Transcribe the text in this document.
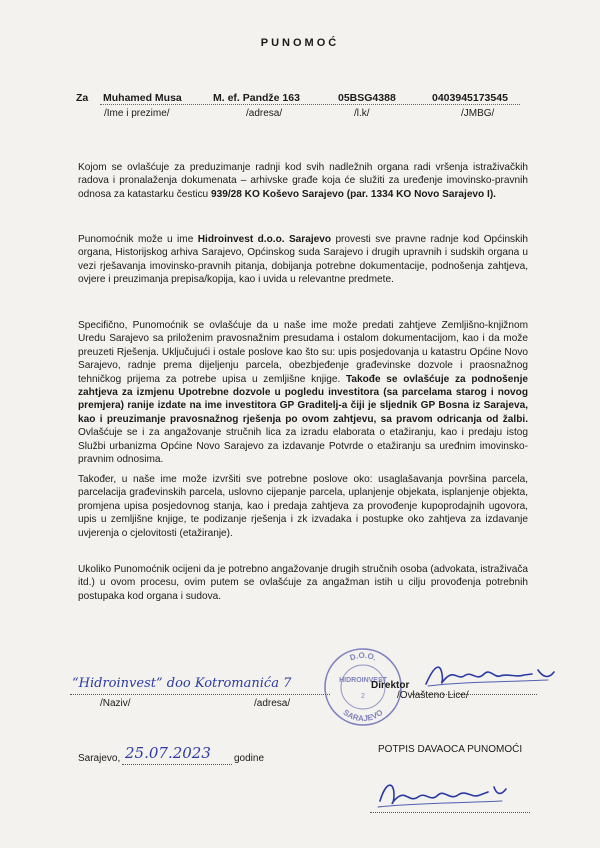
PUNOMOĆ
Za Muhamed Musa	M. ef. Pandže 163	05BSG4388	0403945173545
/Ime i prezime/	/adresa/	/l.k/	/JMBG/

Kojom se ovlašćuje za preduzimanje radnji kod svih nadležnih organa radi vršenja istraživačkih radova i pronalaženja dokumenata – arhivske građe koja će služiti za uređenje imovinsko-pravnih odnosa za katastarku česticu 939/28 KO Koševo Sarajevo (par. 1334 KO Novo Sarajevo I).

Punomoćnik može u ime Hidroinvest d.o.o. Sarajevo provesti sve pravne radnje kod Općinskih organa, Historijskog arhiva Sarajevo, Općinskog suda Sarajevo i drugih upravnih i sudskih organa u vezi rješavanja imovinsko-pravnih pitanja, dobijanja potrebne dokumentacije, podnošenja zahtjeva, ovjere i preuzimanja prepisa/kopija, kao i uvida u relevantne predmete.

Specifično, Punomoćnik se ovlašćuje da u naše ime može predati zahtjeve Zemljišno-knjižnom Uredu Sarajevo sa priloženim pravosnažnim presudama i ostalom dokumentacijom, kao i da može preuzeti Rješenja. Uključujući i ostale poslove kao što su: upis posjedovanja u katastru Općine Novo Sarajevo, radnje prema dijeljenju parcela, obezbjeđenje građevinske dozvole i praosnažnog tehničkog prijema za potrebe upisa u zemljišne knjige. Takođe se ovlašćuje za podnošenje zahtjeva za izmjenu Upotrebne dozvole u pogledu investitora (sa parcelama starog i novog premjera) ranije izdate na ime investitora GP Graditelj-a čiji je sljednik GP Bosna iz Sarajeva, kao i preuzimanje pravosnažnog rješenja po ovom zahtjevu, sa pravom odricanja od žalbi. Ovlašćuje se i za angažovanje stručnih lica za izradu elaborata o etažiranju, kao i predaju istog Službi urbanizma Općine Novo Sarajevo za izdavanje Potvrde o etažiranju sa uređnim imovinsko-pravnim odnosima.

Također, u naše ime može izvršiti sve potrebne poslove oko: usaglašavanja površina parcela, parcelacija građevinskih parcela, uslovno cijepanje parcela, uplanjenje objekata, isplanjenje objekta, promjena upisa posjedovnog stanja, kao i predaja zahtjeva za provođenje kupoprodajnih ugovora, upis u zemljišne knjige, te podizanje rješenja i zk izvadaka i postupke oko zahtjeva za izdavanje uvjerenja o cjelovitosti (etažiranje).

Ukoliko Punomoćnik ocijeni da je potrebno angažovanje drugih stručnih osoba (advokata, istraživača itd.) u ovom procesu, ovim putem se ovlašćuje za angažman istih u cilju provođenja potrebnih postupaka kod organa i sudova.

“Hidroinvest” doo Kotromanića 7
D.O.O.
SARAJEVO
HIDROINVEST
2
Direktor
/Naziv/	/adresa/
/Ovlašteno Lice/
Sarajevo, 25.07.2023 godine
POTPIS DAVAOCA PUNOMOĆI
